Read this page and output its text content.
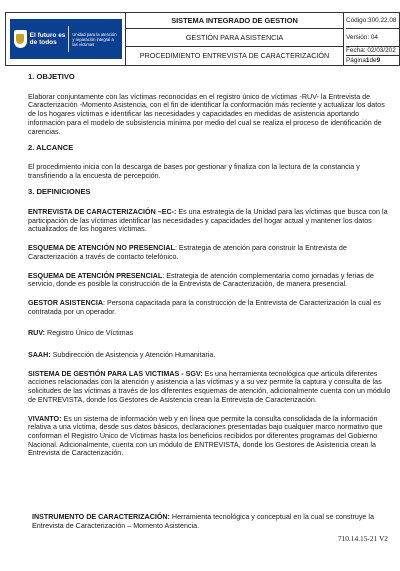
El futuro es de todos
Unidad para la atención y reparación integral a las víctimas
SISTEMA INTEGRADO DE GESTION
GESTIÓN PARA ASISTENCIA
PROCEDIMIENTO ENTREVISTA DE CARACTERIZACIÓN
Código:300.22.08
Versión: 04
Fecha: 02/03/202
Página 1 de 9

1. OBJETIVO

Elaborar conjuntamente con las víctimas reconocidas en el registro único de víctimas -RUV- la Entrevista de Caracterización -Momento Asistencia, con el fin de identificar la conformación más reciente y actualizar los datos de los hogares víctimas e identificar las necesidades y capacidades en medidas de asistencia aportando información para el modelo de subsistencia mínima por medio del cual se realiza el proceso de identificación de carencias.

2. ALCANCE

El procedimiento inicia con la descarga de bases por gestionar y finaliza con la lectura de la constancia y transfiriendo a la encuesta de percepción.

3. DEFINICIONES

ENTREVISTA DE CARACTERIZACIÓN –EC-: Es una estrategia de la Unidad para las víctimas que busca con la participación de las víctimas identificar las necesidades y capacidades del hogar actual y mantener los datos actualizados de los hogares víctimas.

ESQUEMA DE ATENCIÓN NO PRESENCIAL: Estrategia de atención para construir la Entrevista de Caracterización a través de contacto telefónico.

ESQUEMA DE ATENCIÓN PRESENCIAL: Estrategia de atención complementaria como jornadas y ferias de servicio, donde es posible la construcción de la Entrevista de Caracterización, de manera presencial.

GESTOR ASISTENCIA: Persona capacitada para la construcción de la Entrevista de Caracterización la cual es contratada por un operador.

RUV: Registro Único de Víctimas

SAAH: Subdirección de Asistencia y Atención Humanitaria.

SISTEMA DE GESTIÓN PARA LAS VICTIMAS - SGV: Es una herramienta tecnológica que articula diferentes acciones relacionadas con la atención y asistencia a las víctimas y a su vez permite la captura y consulta de las solicitudes de las víctimas a través de los diferentes esquemas de atención, adicionalmente cuenta con un módulo de ENTREVISTA, donde los Gestores de Asistencia crean la Entrevista de Caracterización.

VIVANTO: Es un sistema de información web y en línea que permite la consulta consolidada de la información relativa a una víctima, desde sus datos básicos, declaraciones presentadas bajo cualquier marco normativo que conforman el Registro Único de Víctimas hasta los beneficios recibidos por diferentes programas del Gobierno Nacional. Adicionalmente, cuenta con un módulo de ENTREVISTA, donde los Gestores de Asistencia crean la Entrevista de Caracterización.

INSTRUMENTO DE CARACTERIZACIÓN: Herramienta tecnológica y conceptual en la cual se construye la Entrevista de Caracterización – Momento Asistencia.
710.14.15-21 V2
